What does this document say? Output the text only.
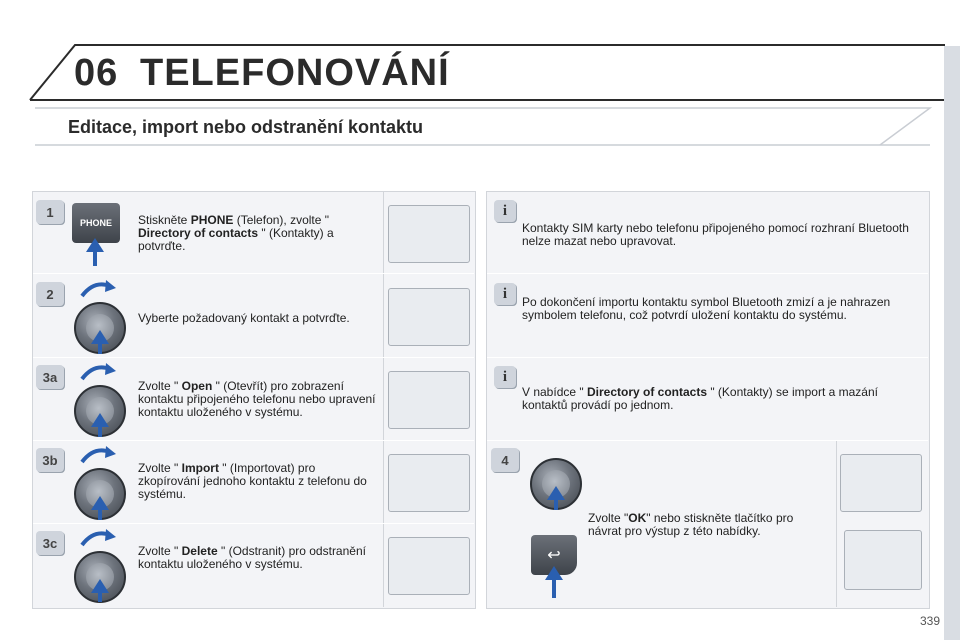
06 TELEFONOVÁNÍ
Editace, import nebo odstranění kontaktu
1
PHONE	Stiskněte PHONE (Telefon), zvolte " Directory of contacts " (Kontakty) a potvrďte.
2
Vyberte požadovaný kontakt a potvrďte.
3a
Zvolte " Open " (Otevřít) pro zobrazení kontaktu připojeného telefonu nebo upravení kontaktu uloženého v systému.
3b
Zvolte " Import " (Importovat) pro zkopírování jednoho kontaktu z telefonu do systému.
3c
Zvolte " Delete " (Odstranit) pro odstranění kontaktu uloženého v systému.
i
Kontakty SIM karty nebo telefonu připojeného pomocí rozhraní Bluetooth nelze mazat nebo upravovat.
i
Po dokončení importu kontaktu symbol Bluetooth zmizí a je nahrazen symbolem telefonu, což potvrdí uložení kontaktu do systému.
i
V nabídce " Directory of contacts " (Kontakty) se import a mazání kontaktů provádí po jednom.
4
↩
Zvolte "OK" nebo stiskněte tlačítko pro návrat pro výstup z této nabídky.
339
